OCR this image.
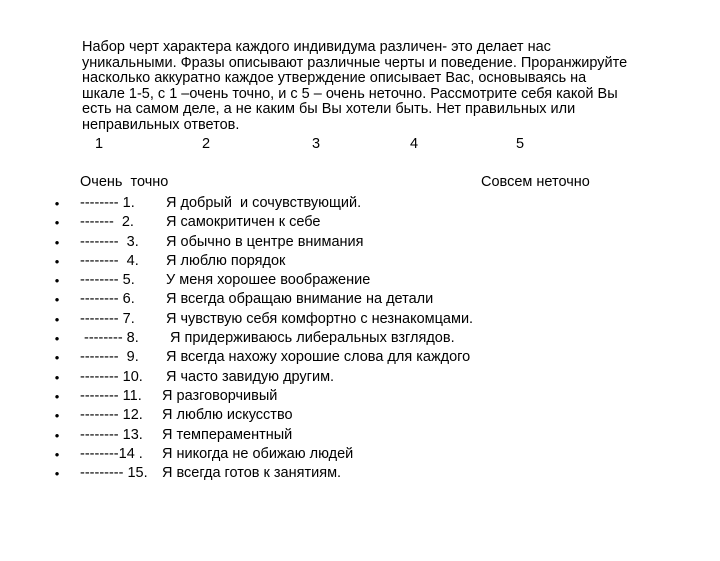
Набор черт характера каждого индивидума различен- это делает нас
уникальными. Фразы описывают различные черты и поведение. Проранжируйте
насколько аккуратно каждое утверждение описывает Вас, основываясь на
шкале 1-5, с 1 –очень точно, и с 5 – очень неточно. Рассмотрите себя какой Вы
есть на самом деле, а не каким бы Вы хотели быть. Нет правильных или
неправильных ответов.
1	2	3	4	5
Очень  точно	Совсем неточно

•

-------- 1.

Я добрый  и сочувствующий.

•

-------  2.

Я самокритичен к себе

•

--------  3.

Я обычно в центре внимания

•

--------  4.

Я люблю порядок

•

-------- 5.

У меня хорошее воображение

•

-------- 6.

Я всегда обращаю внимание на детали

•

-------- 7.

Я чувствую себя комфортно с незнакомцами.

•

-------- 8.

Я придерживаюсь либеральных взглядов.

•

--------  9.

Я всегда нахожу хорошие слова для каждого

•

-------- 10.

Я часто завидую другим.

•

-------- 11.

Я разговорчивый

•

-------- 12.

Я люблю искусство

•

-------- 13.

Я темпераментный

•

--------14 .

Я никогда не обижаю людей

•

--------- 15.

Я всегда готов к занятиям.
